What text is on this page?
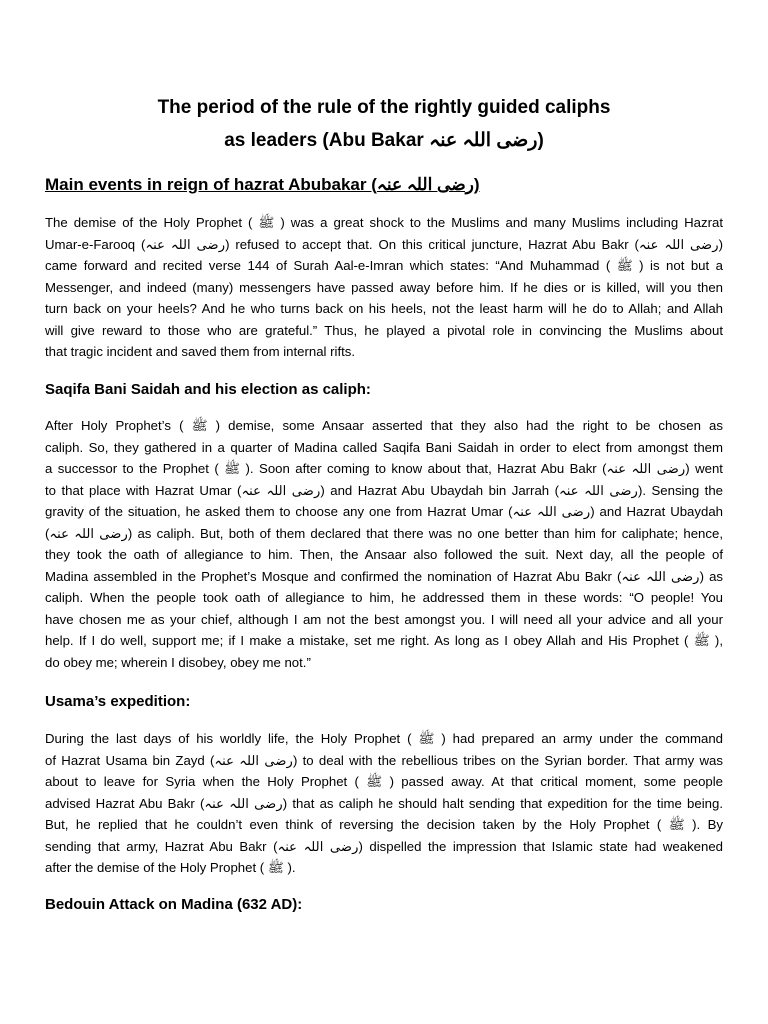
The period of the rule of the rightly guided caliphs
as leaders (Abu Bakar رضی اللہ عنہ)
Main events in reign of hazrat Abubakar (رضی اللہ عنہ)
The demise of the Holy Prophet ( ﷺ ) was a great shock to the Muslims and many Muslims including Hazrat
Umar-e-Farooq (رضی اللہ عنہ) refused to accept that. On this critical juncture, Hazrat Abu Bakr (رضی اللہ عنہ)
came forward and recited verse 144 of Surah Aal-e-Imran which states: “And Muhammad ( ﷺ ) is not but a
Messenger, and indeed (many) messengers have passed away before him. If he dies or is killed, will you then
turn back on your heels? And he who turns back on his heels, not the least harm will he do to Allah; and Allah
will give reward to those who are grateful.” Thus, he played a pivotal role in convincing the Muslims about
that tragic incident and saved them from internal rifts.
Saqifa Bani Saidah and his election as caliph:
After Holy Prophet’s ( ﷺ ) demise, some Ansaar asserted that they also had the right to be chosen as
caliph. So, they gathered in a quarter of Madina called Saqifa Bani Saidah in order to elect from amongst them
a successor to the Prophet ( ﷺ ). Soon after coming to know about that, Hazrat Abu Bakr (رضی اللہ عنہ) went
to that place with Hazrat Umar (رضی اللہ عنہ) and Hazrat Abu Ubaydah bin Jarrah (رضی اللہ عنہ). Sensing the
gravity of the situation, he asked them to choose any one from Hazrat Umar (رضی اللہ عنہ) and Hazrat Ubaydah
(رضی اللہ عنہ) as caliph. But, both of them declared that there was no one better than him for caliphate; hence,
they took the oath of allegiance to him. Then, the Ansaar also followed the suit. Next day, all the people of
Madina assembled in the Prophet’s Mosque and confirmed the nomination of Hazrat Abu Bakr (رضی اللہ عنہ) as
caliph. When the people took oath of allegiance to him, he addressed them in these words: “O people! You
have chosen me as your chief, although I am not the best amongst you. I will need all your advice and all your
help. If I do well, support me; if I make a mistake, set me right. As long as I obey Allah and His Prophet ( ﷺ ),
do obey me; wherein I disobey, obey me not.”
Usama’s expedition:
During the last days of his worldly life, the Holy Prophet ( ﷺ ) had prepared an army under the command
of Hazrat Usama bin Zayd (رضی اللہ عنہ) to deal with the rebellious tribes on the Syrian border. That army was
about to leave for Syria when the Holy Prophet ( ﷺ ) passed away. At that critical moment, some people
advised Hazrat Abu Bakr (رضی اللہ عنہ) that as caliph he should halt sending that expedition for the time being.
But, he replied that he couldn’t even think of reversing the decision taken by the Holy Prophet ( ﷺ ). By
sending that army, Hazrat Abu Bakr (رضی اللہ عنہ) dispelled the impression that Islamic state had weakened
after the demise of the Holy Prophet ( ﷺ ).
Bedouin Attack on Madina (632 AD):
